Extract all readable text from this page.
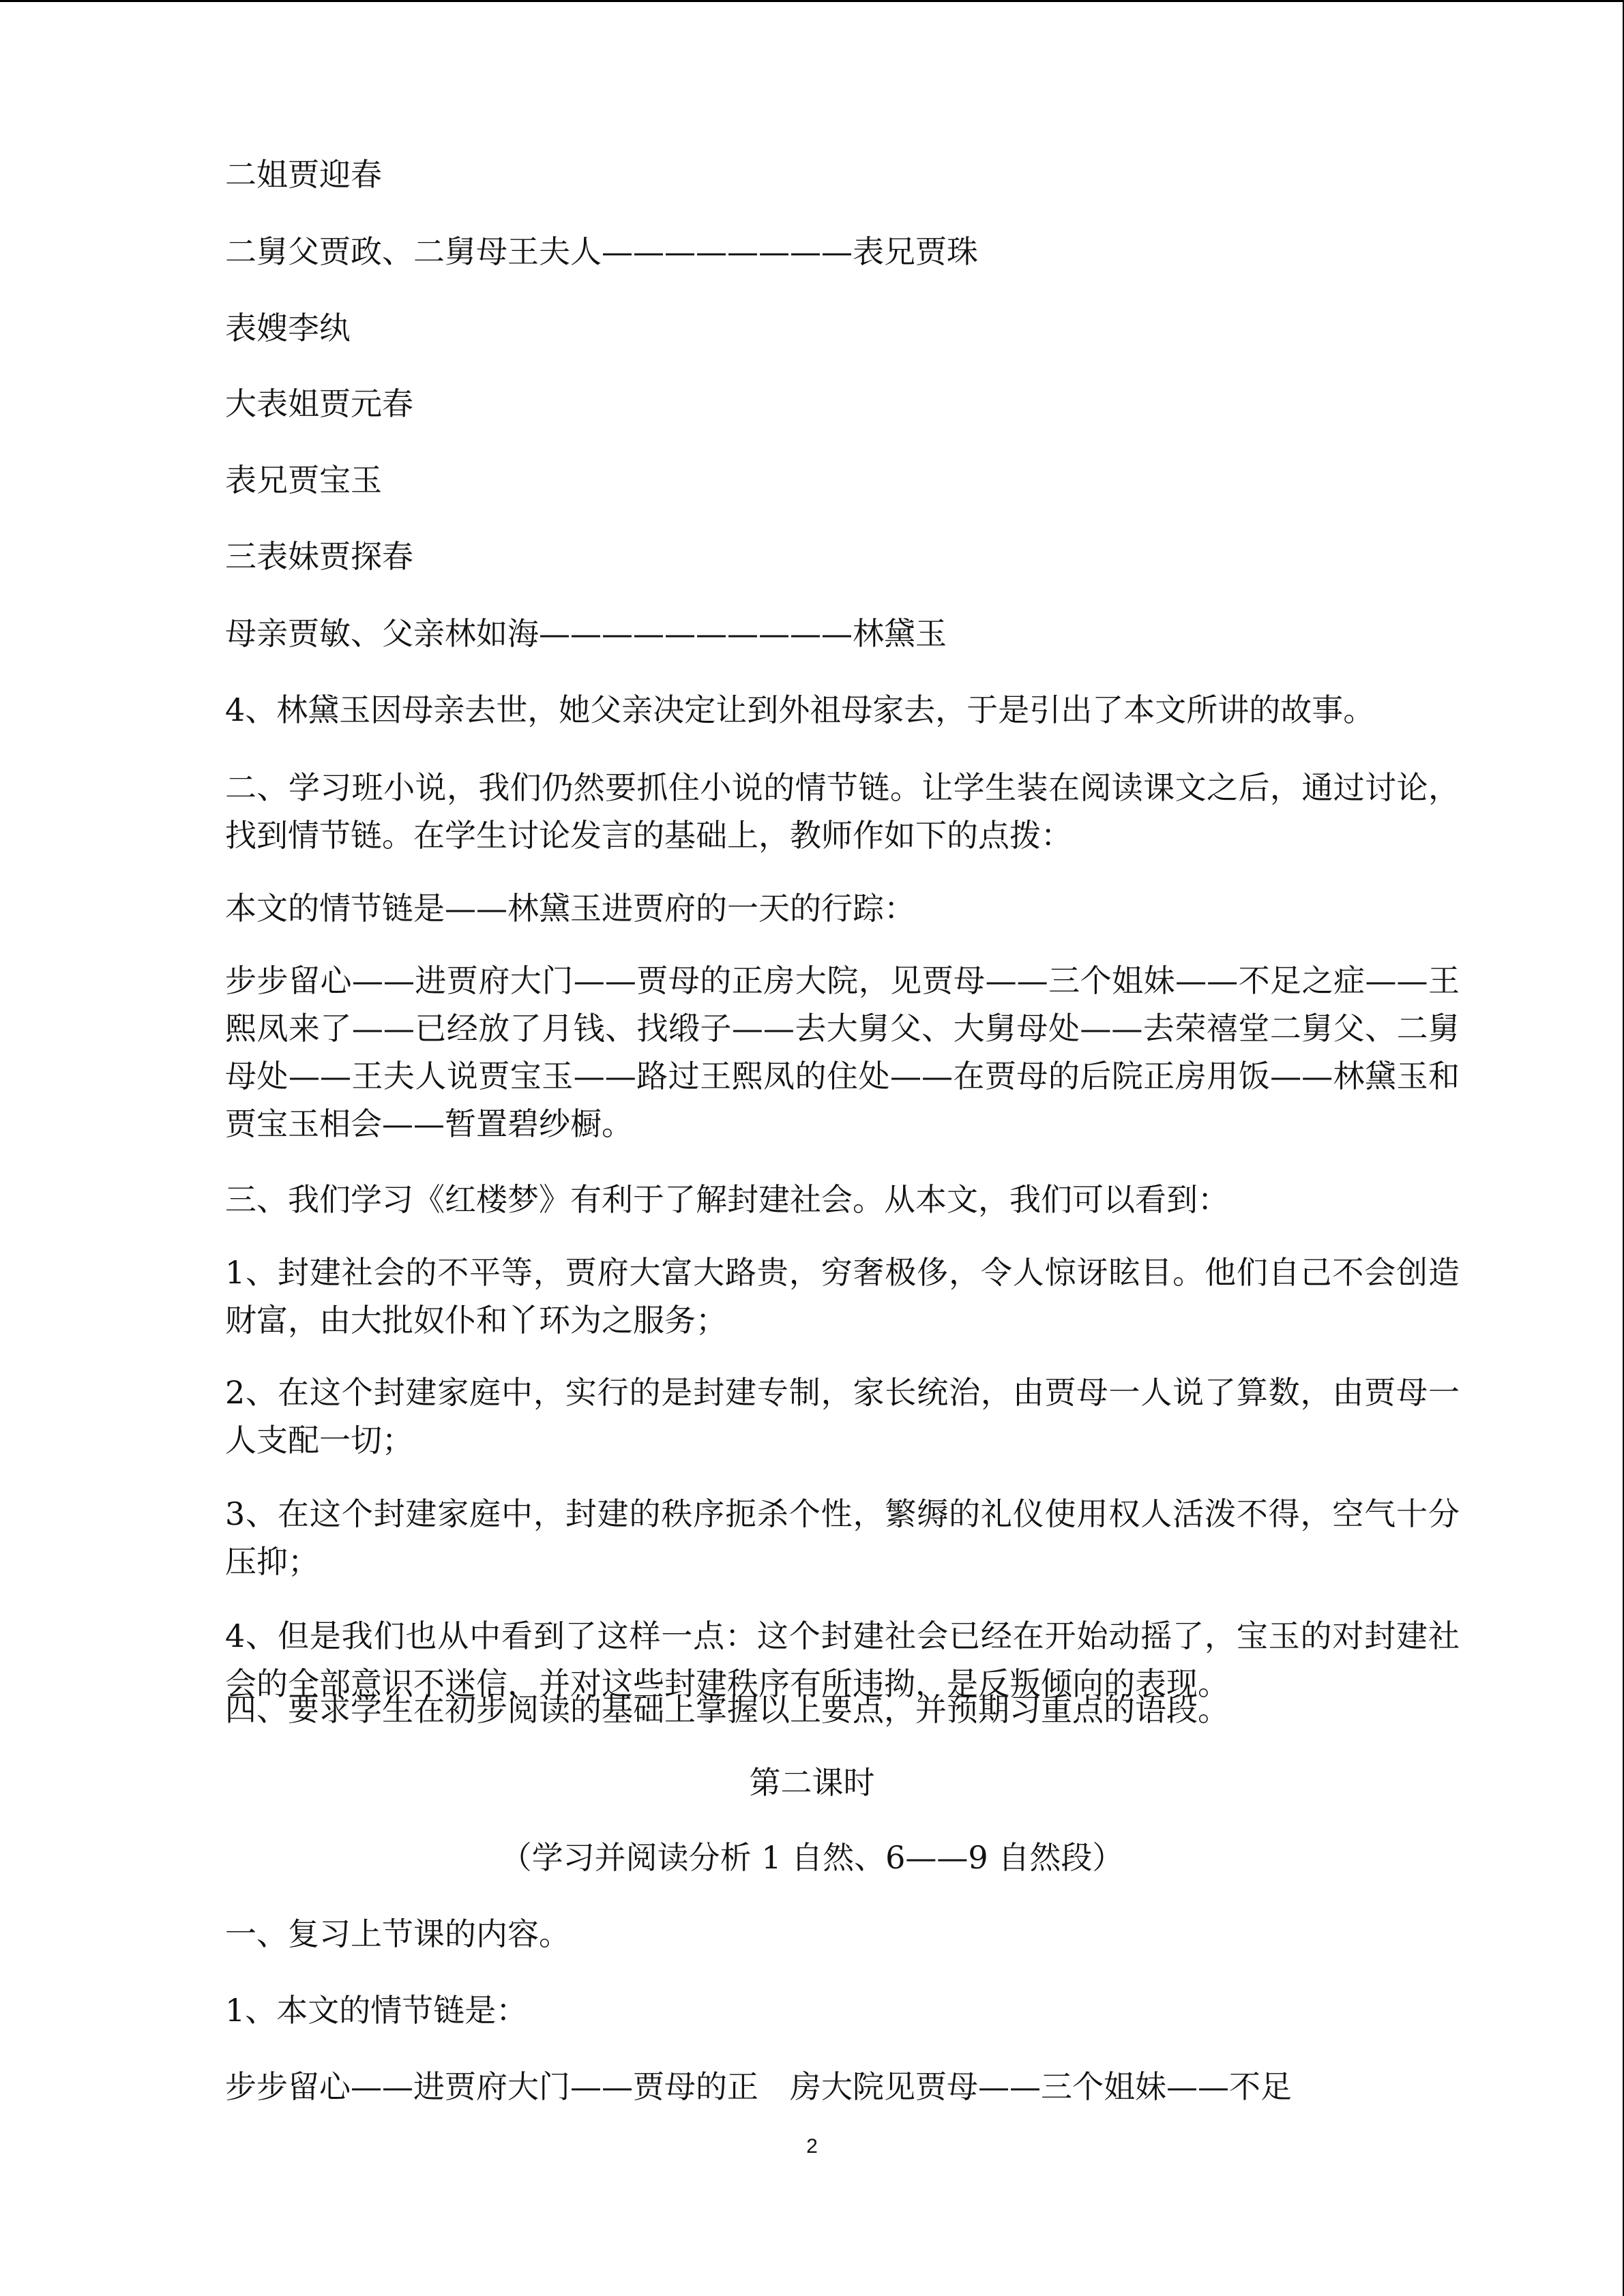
二姐贾迎春

二舅父贾政、二舅母王夫人————————表兄贾珠

表嫂李纨

大表姐贾元春

表兄贾宝玉

三表妹贾探春

母亲贾敏、父亲林如海——————————林黛玉

4、林黛玉因母亲去世，她父亲决定让到外祖母家去，于是引出了本文所讲的故事。

二、学习班小说，我们仍然要抓住小说的情节链。让学生装在阅读课文之后，通过讨论，找到情节链。在学生讨论发言的基础上，教师作如下的点拨：

本文的情节链是——林黛玉进贾府的一天的行踪：

步步留心——进贾府大门——贾母的正房大院，见贾母——三个姐妹——不足之症——王熙凤来了——已经放了月钱、找缎子——去大舅父、大舅母处——去荣禧堂二舅父、二舅母处——王夫人说贾宝玉——路过王熙凤的住处——在贾母的后院正房用饭——林黛玉和贾宝玉相会——暂置碧纱橱。

三、我们学习《红楼梦》有利于了解封建社会。从本文，我们可以看到：

1、封建社会的不平等，贾府大富大路贵，穷奢极侈，令人惊讶眩目。他们自己不会创造财富，由大批奴仆和丫环为之服务；

2、在这个封建家庭中，实行的是封建专制，家长统治，由贾母一人说了算数，由贾母一人支配一切；

3、在这个封建家庭中，封建的秩序扼杀个性，繁缛的礼仪使用权人活泼不得，空气十分压抑；

4、但是我们也从中看到了这样一点：这个封建社会已经在开始动摇了，宝玉的对封建社会的全部意识不迷信，并对这些封建秩序有所违拗，是反叛倾向的表现。

四、要求学生在初步阅读的基础上掌握以上要点，并预期习重点的语段。

第二课时

（学习并阅读分析 1 自然、6——9 自然段）

一、复习上节课的内容。

1、本文的情节链是：

步步留心——进贾府大门——贾母的正　房大院见贾母——三个姐妹——不足

2
